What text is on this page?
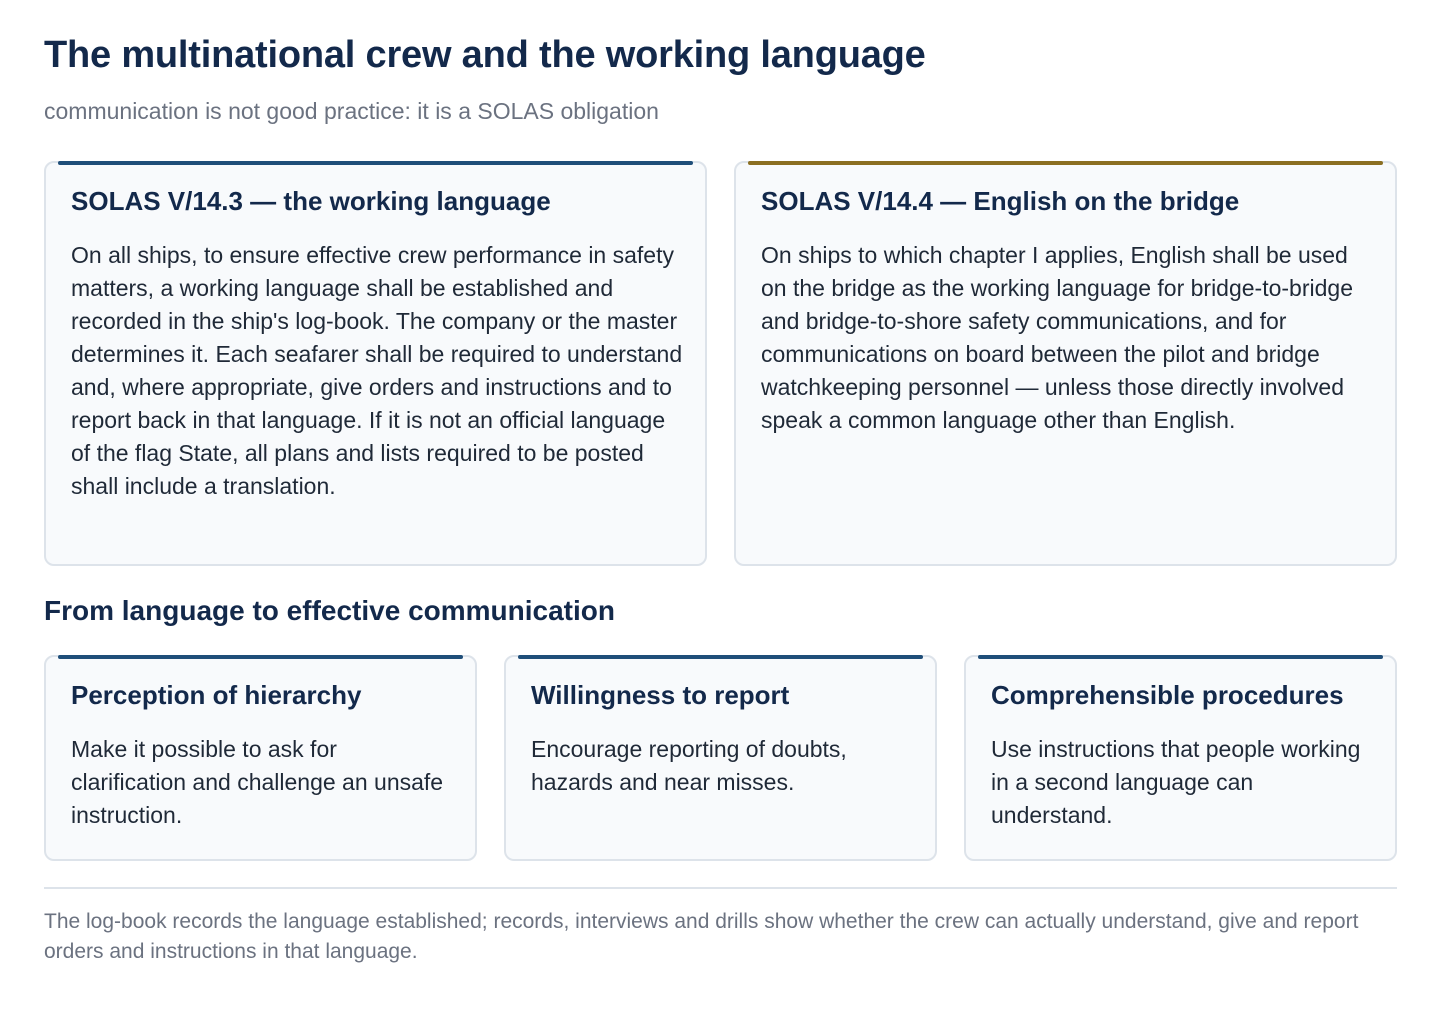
The multinational crew and the working language

communication is not good practice: it is a SOLAS obligation

SOLAS V/14.3 — the working language

On all ships, to ensure effective crew performance in safety matters, a working language shall be established and recorded in the ship's log-book. The company or the master determines it. Each seafarer shall be required to understand and, where appropriate, give orders and instructions and to report back in that language. If it is not an official language of the flag State, all plans and lists required to be posted shall include a translation.

SOLAS V/14.4 — English on the bridge

On ships to which chapter I applies, English shall be used on the bridge as the working language for bridge-to-bridge and bridge-to-shore safety communications, and for communications on board between the pilot and bridge watchkeeping personnel — unless those directly involved speak a common language other than English.

From language to effective communication
Perception of hierarchy

Make it possible to ask for clarification and challenge an unsafe instruction.

Willingness to report

Encourage reporting of doubts, hazards and near misses.

Comprehensible procedures

Use instructions that people working in a second language can understand.

The log-book records the language established; records, interviews and drills show whether the crew can actually understand, give and report orders and instructions in that language.
